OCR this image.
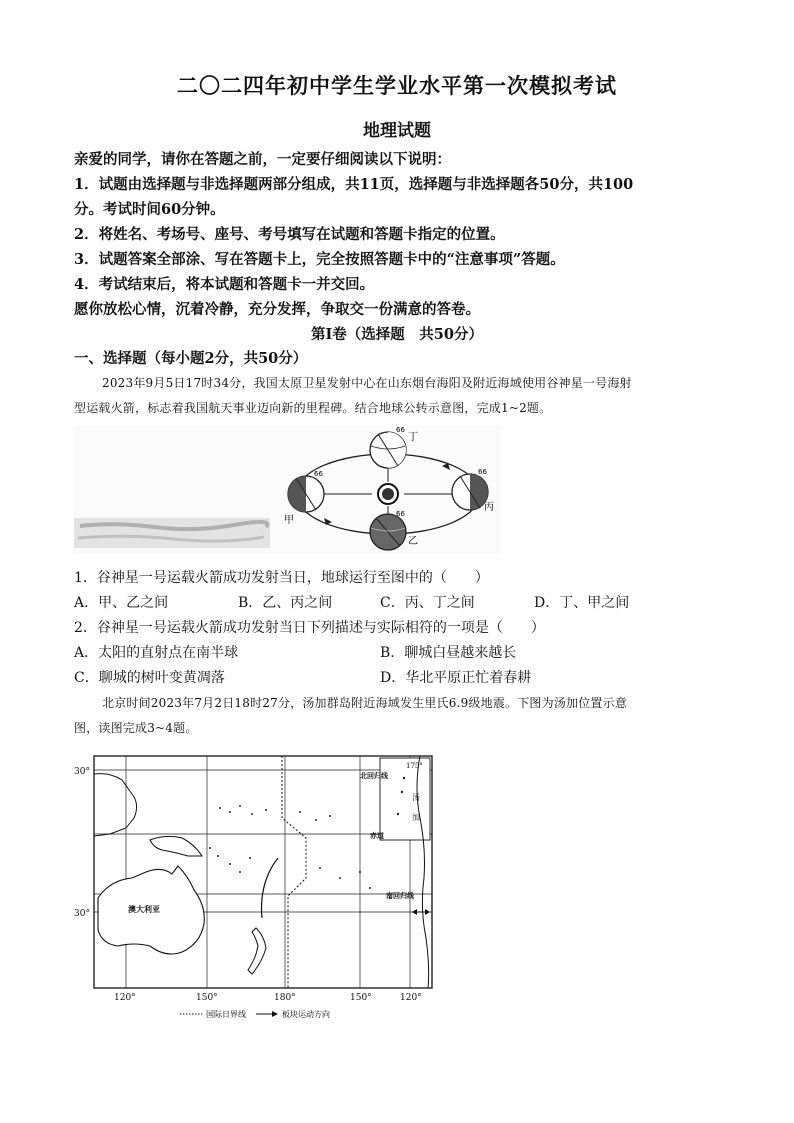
二〇二四年初中学生学业水平第一次模拟考试
地理试题
亲爱的同学，请你在答题之前，一定要仔细阅读以下说明：
1．试题由选择题与非选择题两部分组成，共11页，选择题与非选择题各50分，共100
分。考试时间60分钟。
2．将姓名、考场号、座号、考号填写在试题和答题卡指定的位置。
3．试题答案全部涂、写在答题卡上，完全按照答题卡中的“注意事项”答题。
4．考试结束后，将本试题和答题卡一并交回。
愿你放松心情，沉着冷静，充分发挥，争取交一份满意的答卷。
第Ⅰ卷（选择题　共50分）
一、选择题（每小题2分，共50分）
2023年9月5日17时34分，我国太原卫星发射中心在山东烟台海阳及附近海域使用谷神星一号海射
型运载火箭，标志着我国航天事业迈向新的里程碑。结合地球公转示意图，完成1~2题。
甲
乙
丙
丁
66
66	66
66
1．谷神星一号运载火箭成功发射当日，地球运行至图中的（　　）
A．甲、乙之间	B．乙、丙之间	C．丙、丁之间	D．丁、甲之间
2．谷神星一号运载火箭成功发射当日下列描述与实际相符的一项是（　　）
A．太阳的直射点在南半球	B．聊城白昼越来越长
C．聊城的树叶变黄凋落	D．华北平原正忙着春耕
北京时间2023年7月2日18时27分，汤加群岛附近海域发生里氏6.9级地震。下图为汤加位置示意
图，读图完成3~4题。
30°
30°
120°	150°	180°	150°	120°
175°
北回归线
赤道
南回归线
澳大利亚
汤
加
国际日界线	板块运动方向
